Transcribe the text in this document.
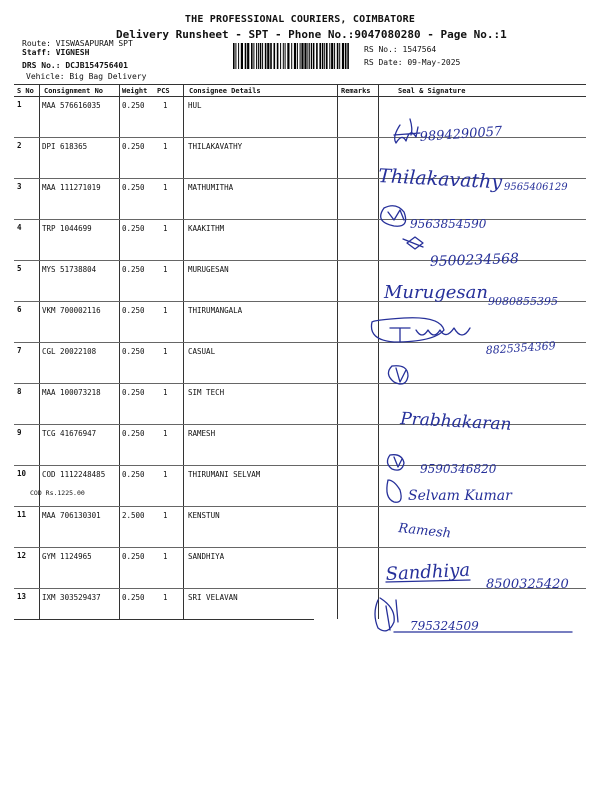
THE PROFESSIONAL COURIERS, COIMBATORE
Delivery Runsheet - SPT - Phone No.:9047080280 - Page No.:1
Route: VISWASAPURAM SPT
Staff: VIGNESH
DRS No.: DCJB154756401
Vehicle: Big Bag Delivery
RS No.: 1547564
RS Date: 09-May-2025
S No Consignment No	Weight PCS	Consignee Details	Remarks	Seal & Signature
1	MAA 576616035	0.250 1	HUL
2	DPI 618365	0.250 1	THILAKAVATHY
3	MAA 111271019	0.250 1	MATHUMITHA
4	TRP 1044699	0.250 1	KAAKITHM
5	MYS 51738804	0.250 1	MURUGESAN
6	VKM 700002116	0.250 1	THIRUMANGALA
7	CGL 20022108	0.250 1	CASUAL
8	MAA 100073218	0.250 1	SIM TECH
9	TCG 41676947	0.250 1	RAMESH
10 COD 1112248485 0.250 1	THIRUMANI SELVAM
COD Rs.1225.00
11 MAA 706130301	2.500 1	KENSTUN
12 GYM 1124965	0.250 1	SANDHIYA
13 IXM 303529437	0.250 1	SRI VELAVAN
9894290057
Thilakavathy 9565406129
9563854590
9500234568
Murugesan 9080855395
8825354369
Prabhakaran
9590346820
Selvam Kumar
Ramesh
Sandhiya 8500325420
795324509
